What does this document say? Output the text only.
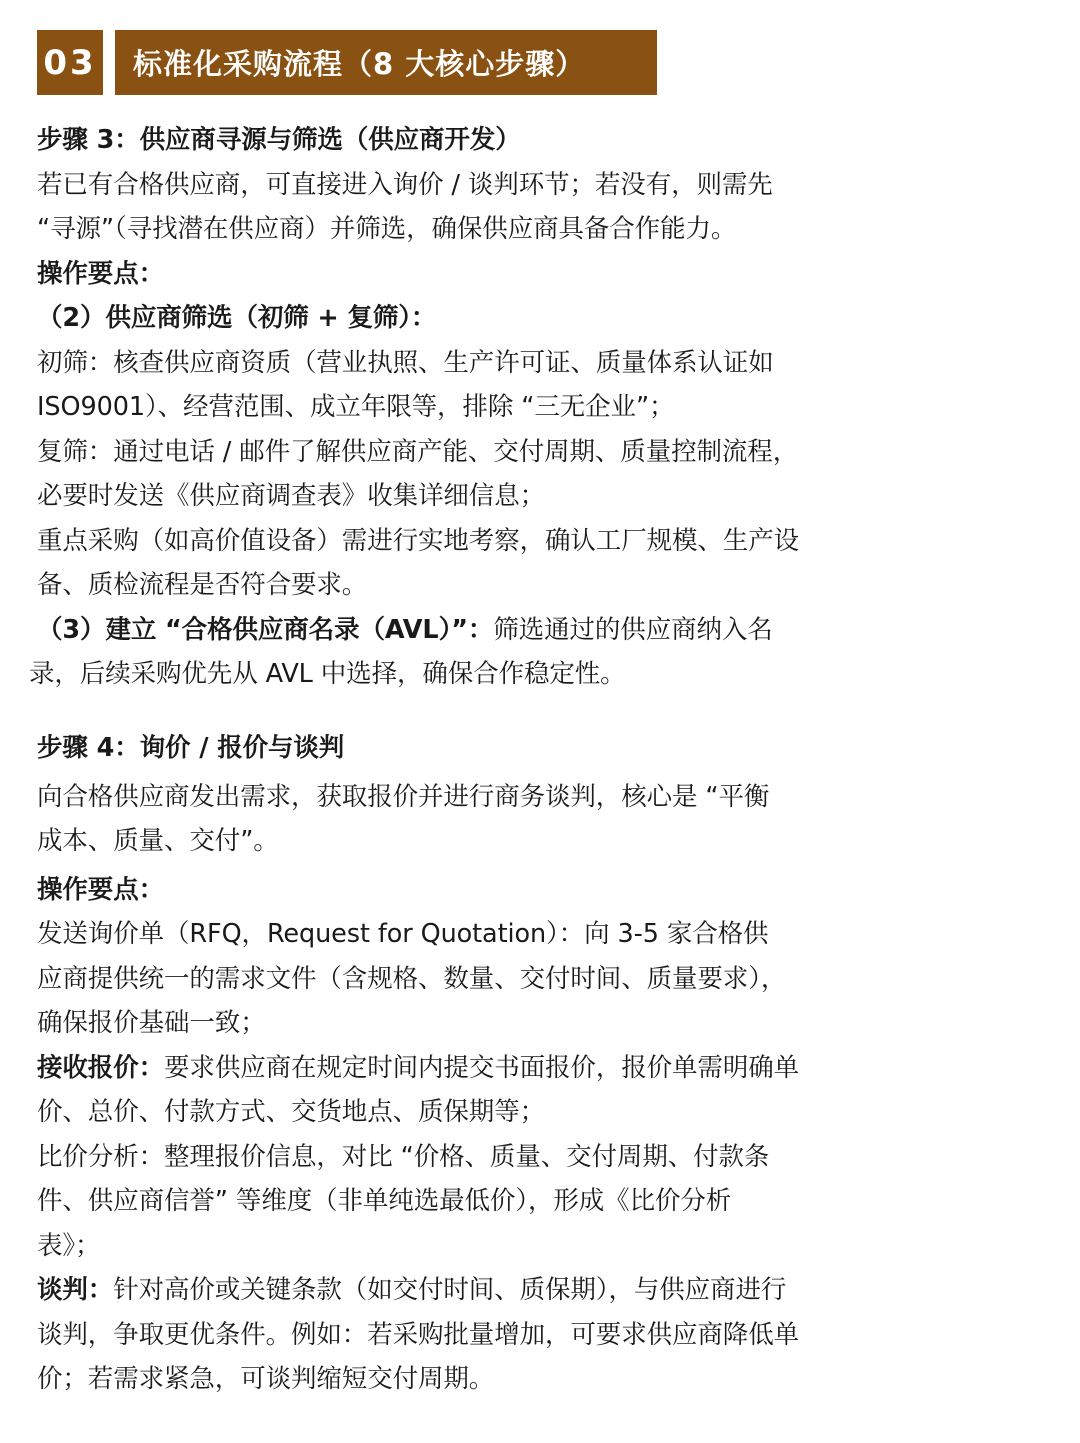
03	标准化采购流程（8 大核心步骤）
步骤 3：供应商寻源与筛选（供应商开发）
若已有合格供应商，可直接进入询价 / 谈判环节；若没有，则需先
“寻源”（寻找潜在供应商）并筛选，确保供应商具备合作能力。
操作要点：
（2）供应商筛选（初筛 + 复筛）：
初筛：核查供应商资质（营业执照、生产许可证、质量体系认证如
ISO9001）、经营范围、成立年限等，排除 “三无企业”；
复筛：通过电话 / 邮件了解供应商产能、交付周期、质量控制流程，
必要时发送《供应商调查表》收集详细信息；
重点采购（如高价值设备）需进行实地考察，确认工厂规模、生产设
备、质检流程是否符合要求。
（3）建立 “合格供应商名录（AVL）”：筛选通过的供应商纳入名
录，后续采购优先从 AVL 中选择，确保合作稳定性。
步骤 4：询价 / 报价与谈判
向合格供应商发出需求，获取报价并进行商务谈判，核心是 “平衡
成本、质量、交付”。
操作要点：
发送询价单（RFQ，Request for Quotation）：向 3-5 家合格供
应商提供统一的需求文件（含规格、数量、交付时间、质量要求），
确保报价基础一致；
接收报价：要求供应商在规定时间内提交书面报价，报价单需明确单
价、总价、付款方式、交货地点、质保期等；
比价分析：整理报价信息，对比 “价格、质量、交付周期、付款条
件、供应商信誉” 等维度（非单纯选最低价），形成《比价分析
表》；
谈判：针对高价或关键条款（如交付时间、质保期），与供应商进行
谈判，争取更优条件。例如：若采购批量增加，可要求供应商降低单
价；若需求紧急，可谈判缩短交付周期。
